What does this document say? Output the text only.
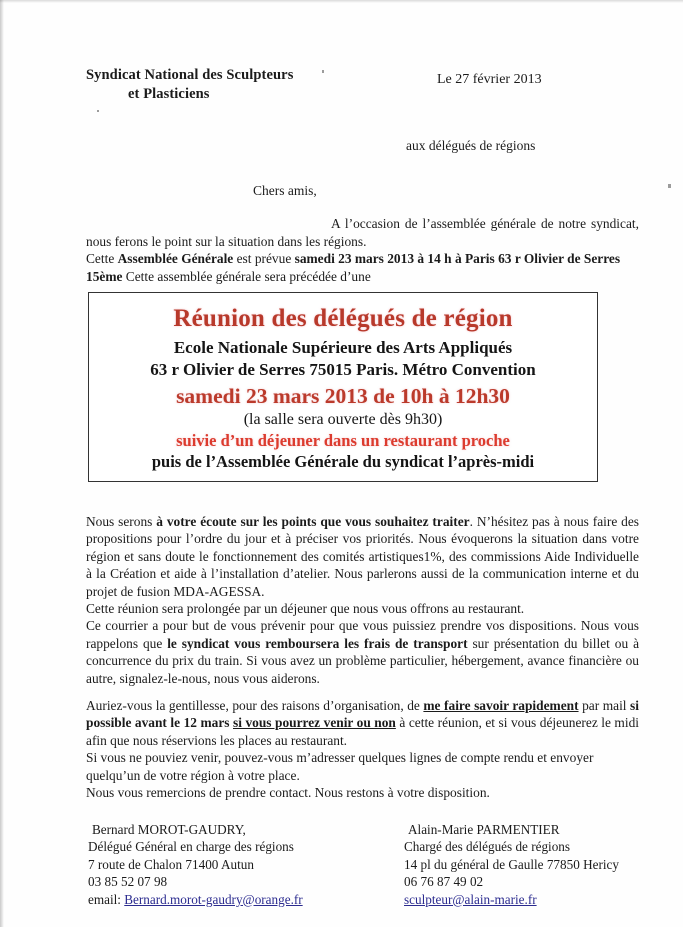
Syndicat National des Sculpteurs
et Plasticiens
Le 27 février 2013
aux délégués de régions
Chers amis,

A l’occasion de l’assemblée générale de notre syndicat, nous ferons le point sur la situation dans les régions.

Cette Assemblée Générale est prévue samedi 23 mars 2013 à 14 h à Paris 63 r Olivier de Serres 15ème Cette assemblée générale sera précédée d’une

Réunion des délégués de région
Ecole Nationale Supérieure des Arts Appliqués
63 r Olivier de Serres 75015 Paris. Métro Convention
samedi 23 mars 2013 de 10h à 12h30
(la salle sera ouverte dès 9h30)
suivie d’un déjeuner dans un restaurant proche
puis de l’Assemblée Générale du syndicat l’après-midi

Nous serons à votre écoute sur les points que vous souhaitez traiter. N’hésitez pas à nous faire des propositions pour l’ordre du jour et à préciser vos priorités. Nous évoquerons la situation dans votre région et sans doute le fonctionnement des comités artistiques1%, des commissions Aide Individuelle à la Création et aide à l’installation d’atelier. Nous parlerons aussi de la communication interne et du projet de fusion MDA-AGESSA.

Cette réunion sera prolongée par un déjeuner que nous vous offrons au restaurant.

Ce courrier a pour but de vous prévenir pour que vous puissiez prendre vos dispositions. Nous vous rappelons que le syndicat vous remboursera les frais de transport sur présentation du billet ou à concurrence du prix du train. Si vous avez un problème particulier, hébergement, avance financière ou autre, signalez-le-nous, nous vous aiderons.

Auriez-vous la gentillesse, pour des raisons d’organisation, de me faire savoir rapidement par mail si possible avant le 12 mars si vous pourrez venir ou non à cette réunion, et si vous déjeunerez le midi afin que nous réservions les places au restaurant.

Si vous ne pouviez venir, pouvez-vous m’adresser quelques lignes de compte rendu et envoyer quelqu’un de votre région à votre place.

Nous vous remercions de prendre contact. Nous restons à votre disposition.

Bernard MOROT-GAUDRY,
Délégué Général en charge des régions
7 route de Chalon 71400 Autun
03 85 52 07 98
email: Bernard.morot-gaudry@orange.fr
Alain-Marie PARMENTIER
Chargé des délégués de régions
14 pl du général de Gaulle 77850 Hericy
06 76 87 49 02
sculpteur@alain-marie.fr
